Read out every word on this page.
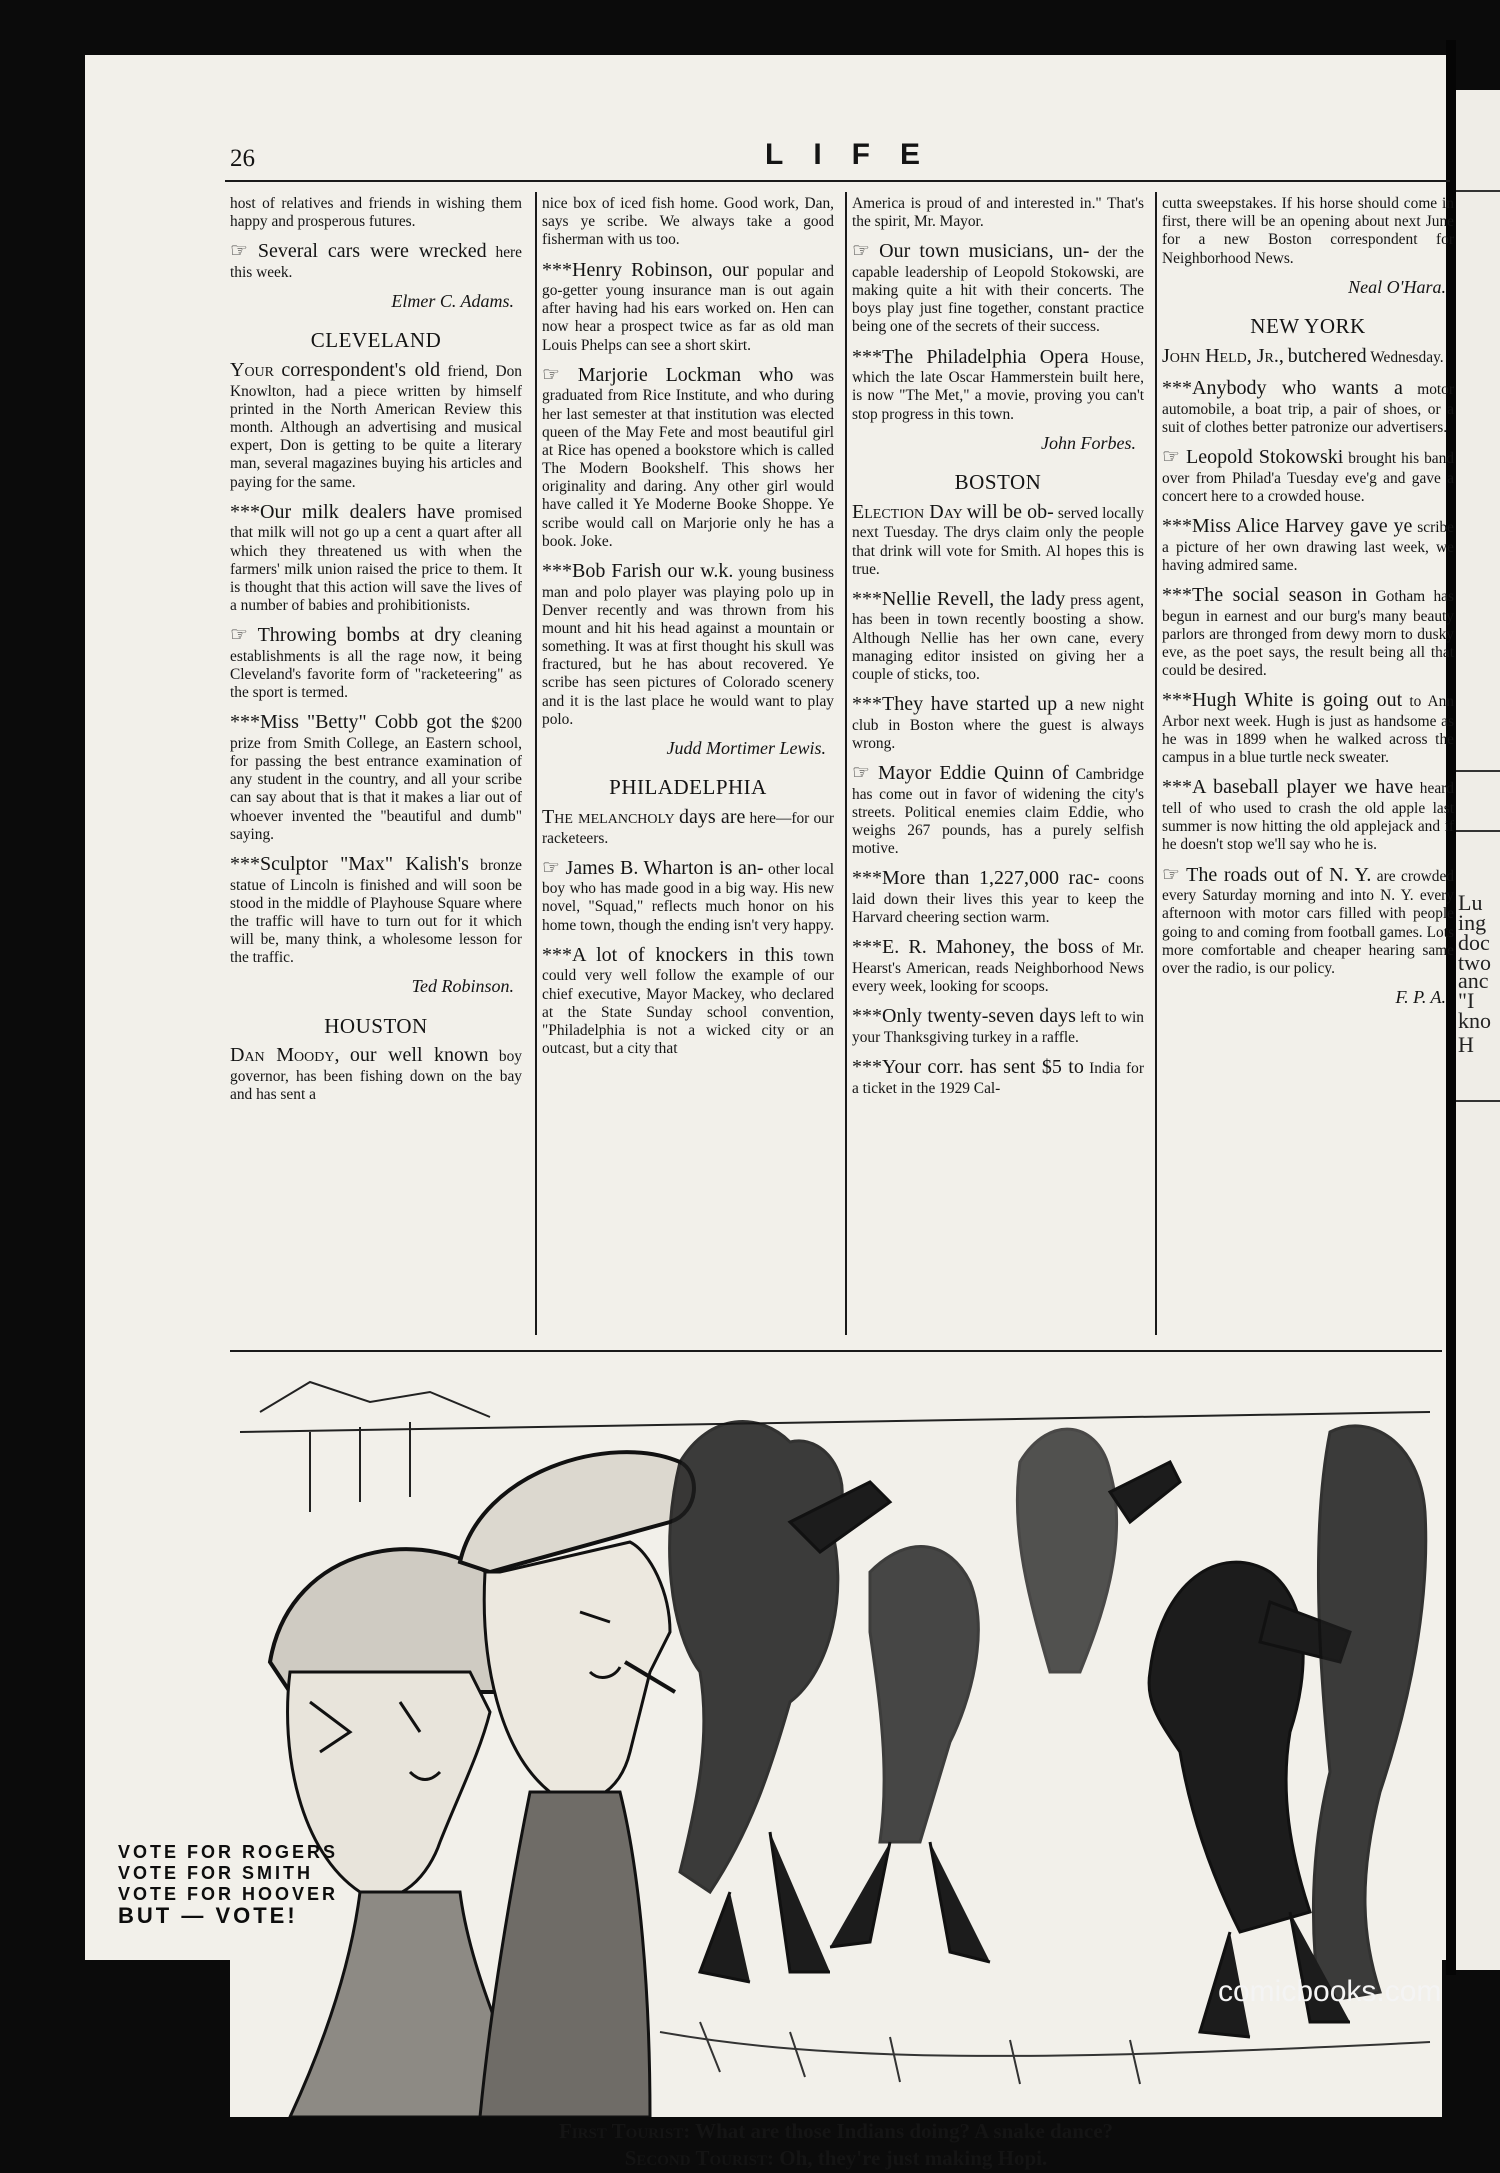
Lu
ing
doc
two
anc
"I
kno
H
26	LIFE

host of relatives and friends in wishing them happy and prosperous futures.

☞ Several cars were wrecked here this week.

Elmer C. Adams.
CLEVELAND

Your correspondent's old friend, Don Knowlton, had a piece written by himself printed in the North American Review this month. Although an advertising and musical expert, Don is getting to be quite a literary man, several magazines buying his articles and paying for the same.

***Our milk dealers have promised that milk will not go up a cent a quart after all which they threatened us with when the farmers' milk union raised the price to them. It is thought that this action will save the lives of a number of babies and prohibitionists.

☞ Throwing bombs at dry cleaning establishments is all the rage now, it being Cleveland's favorite form of "racketeering" as the sport is termed.

***Miss "Betty" Cobb got the $200 prize from Smith College, an Eastern school, for passing the best entrance examination of any student in the country, and all your scribe can say about that is that it makes a liar out of whoever invented the "beautiful and dumb" saying.

***Sculptor "Max" Kalish's bronze statue of Lincoln is finished and will soon be stood in the middle of Playhouse Square where the traffic will have to turn out for it which will be, many think, a wholesome lesson for the traffic.

Ted Robinson.
HOUSTON

Dan Moody, our well known boy governor, has been fishing down on the bay and has sent a

nice box of iced fish home. Good work, Dan, says ye scribe. We always take a good fisherman with us too.

***Henry Robinson, our popular and go-getter young insurance man is out again after having had his ears worked on. Hen can now hear a prospect twice as far as old man Louis Phelps can see a short skirt.

☞ Marjorie Lockman who was graduated from Rice Institute, and who during her last semester at that institution was elected queen of the May Fete and most beautiful girl at Rice has opened a bookstore which is called The Modern Bookshelf. This shows her originality and daring. Any other girl would have called it Ye Moderne Booke Shoppe. Ye scribe would call on Marjorie only he has a book. Joke.

***Bob Farish our w.k. young business man and polo player was playing polo up in Denver recently and was thrown from his mount and hit his head against a mountain or something. It was at first thought his skull was fractured, but he has about recovered. Ye scribe has seen pictures of Colorado scenery and it is the last place he would want to play polo.

Judd Mortimer Lewis.
PHILADELPHIA

The melancholy days are here—for our racketeers.

☞ James B. Wharton is an- other local boy who has made good in a big way. His new novel, "Squad," reflects much honor on his home town, though the ending isn't very happy.

***A lot of knockers in this town could very well follow the example of our chief executive, Mayor Mackey, who declared at the State Sunday school convention, "Philadelphia is not a wicked city or an outcast, but a city that

America is proud of and interested in." That's the spirit, Mr. Mayor.

☞ Our town musicians, un- der the capable leadership of Leopold Stokowski, are making quite a hit with their concerts. The boys play just fine together, constant practice being one of the secrets of their success.

***The Philadelphia Opera House, which the late Oscar Hammerstein built here, is now "The Met," a movie, proving you can't stop progress in this town.

John Forbes.
BOSTON

Election Day will be ob- served locally next Tuesday. The drys claim only the people that drink will vote for Smith. Al hopes this is true.

***Nellie Revell, the lady press agent, has been in town recently boosting a show. Although Nellie has her own cane, every managing editor insisted on giving her a couple of sticks, too.

***They have started up a new night club in Boston where the guest is always wrong.

☞ Mayor Eddie Quinn of Cambridge has come out in favor of widening the city's streets. Political enemies claim Eddie, who weighs 267 pounds, has a purely selfish motive.

***More than 1,227,000 rac- coons laid down their lives this year to keep the Harvard cheering section warm.

***E. R. Mahoney, the boss of Mr. Hearst's American, reads Neighborhood News every week, looking for scoops.

***Only twenty-seven days left to win your Thanksgiving turkey in a raffle.

***Your corr. has sent $5 to India for a ticket in the 1929 Cal-

cutta sweepstakes. If his horse should come in first, there will be an opening about next June for a new Boston correspondent for Neighborhood News.

Neal O'Hara.
NEW YORK

John Held, Jr., butchered Wednesday.

***Anybody who wants a motor automobile, a boat trip, a pair of shoes, or a suit of clothes better patronize our advertisers.

☞ Leopold Stokowski brought his band over from Philad'a Tuesday eve'g and gave a concert here to a crowded house.

***Miss Alice Harvey gave ye scribe a picture of her own drawing last week, we having admired same.

***The social season in Gotham has begun in earnest and our burg's many beauty parlors are thronged from dewy morn to dusky eve, as the poet says, the result being all that could be desired.

***Hugh White is going out to Ann Arbor next week. Hugh is just as handsome as he was in 1899 when he walked across the campus in a blue turtle neck sweater.

***A baseball player we have heard tell of who used to crash the old apple last summer is now hitting the old applejack and if he doesn't stop we'll say who he is.

☞ The roads out of N. Y. are crowded every Saturday morning and into N. Y. every afternoon with motor cars filled with people going to and coming from football games. Lots more comfortable and cheaper hearing same over the radio, is our policy.

F. P. A.
First Tourist: What are those Indians doing? A snake dance?
Second Tourist: Oh, they're just making Hopi.
VOTE FOR ROGERS
VOTE FOR SMITH
VOTE FOR HOOVER
BUT — VOTE!
comicbooks.com
